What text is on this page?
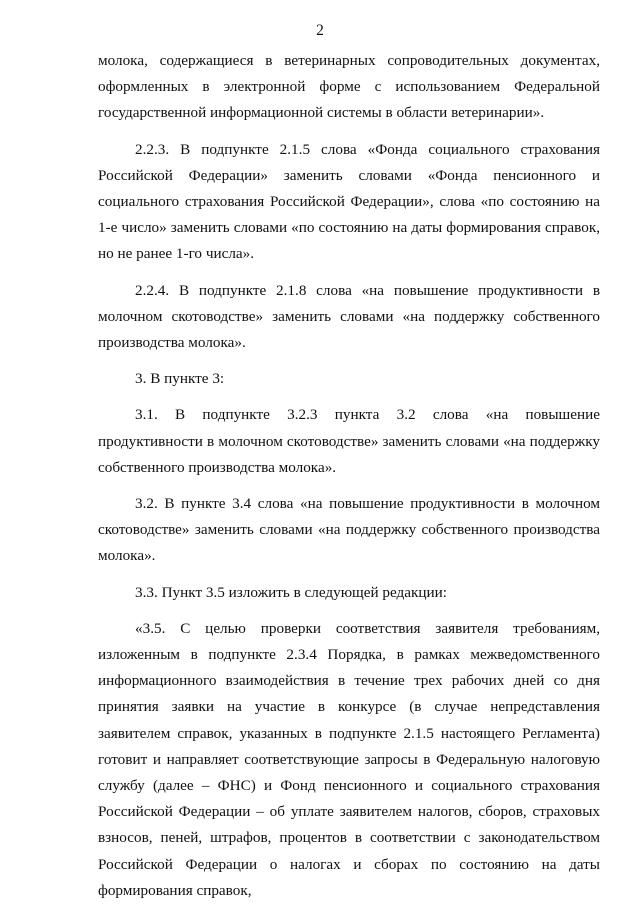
2

молока, содержащиеся в ветеринарных сопроводительных документах, оформленных в электронной форме с использованием Федеральной государственной информационной системы в области ветеринарии».

2.2.3. В подпункте 2.1.5 слова «Фонда социального страхования Российской Федерации» заменить словами «Фонда пенсионного и социального страхования Российской Федерации», слова «по состоянию на 1-е число» заменить словами «по состоянию на даты формирования справок, но не ранее 1-го числа».

2.2.4. В подпункте 2.1.8 слова «на повышение продуктивности в молочном скотоводстве» заменить словами «на поддержку собственного производства молока».

3. В пункте 3:

3.1. В подпункте 3.2.3 пункта 3.2 слова «на повышение продуктивности в молочном скотоводстве» заменить словами «на поддержку собственного производства молока».

3.2. В пункте 3.4 слова «на повышение продуктивности в молочном скотоводстве» заменить словами «на поддержку собственного производства молока».

3.3. Пункт 3.5 изложить в следующей редакции:

«3.5. С целью проверки соответствия заявителя требованиям, изложенным в подпункте 2.3.4 Порядка, в рамках межведомственного информационного взаимодействия в течение трех рабочих дней со дня принятия заявки на участие в конкурсе (в случае непредставления заявителем справок, указанных в подпункте 2.1.5 настоящего Регламента) готовит и направляет соответствующие запросы в Федеральную налоговую службу (далее – ФНС) и Фонд пенсионного и социального страхования Российской Федерации – об уплате заявителем налогов, сборов, страховых взносов, пеней, штрафов, процентов в соответствии с законодательством Российской Федерации о налогах и сборах по состоянию на даты формирования справок,
